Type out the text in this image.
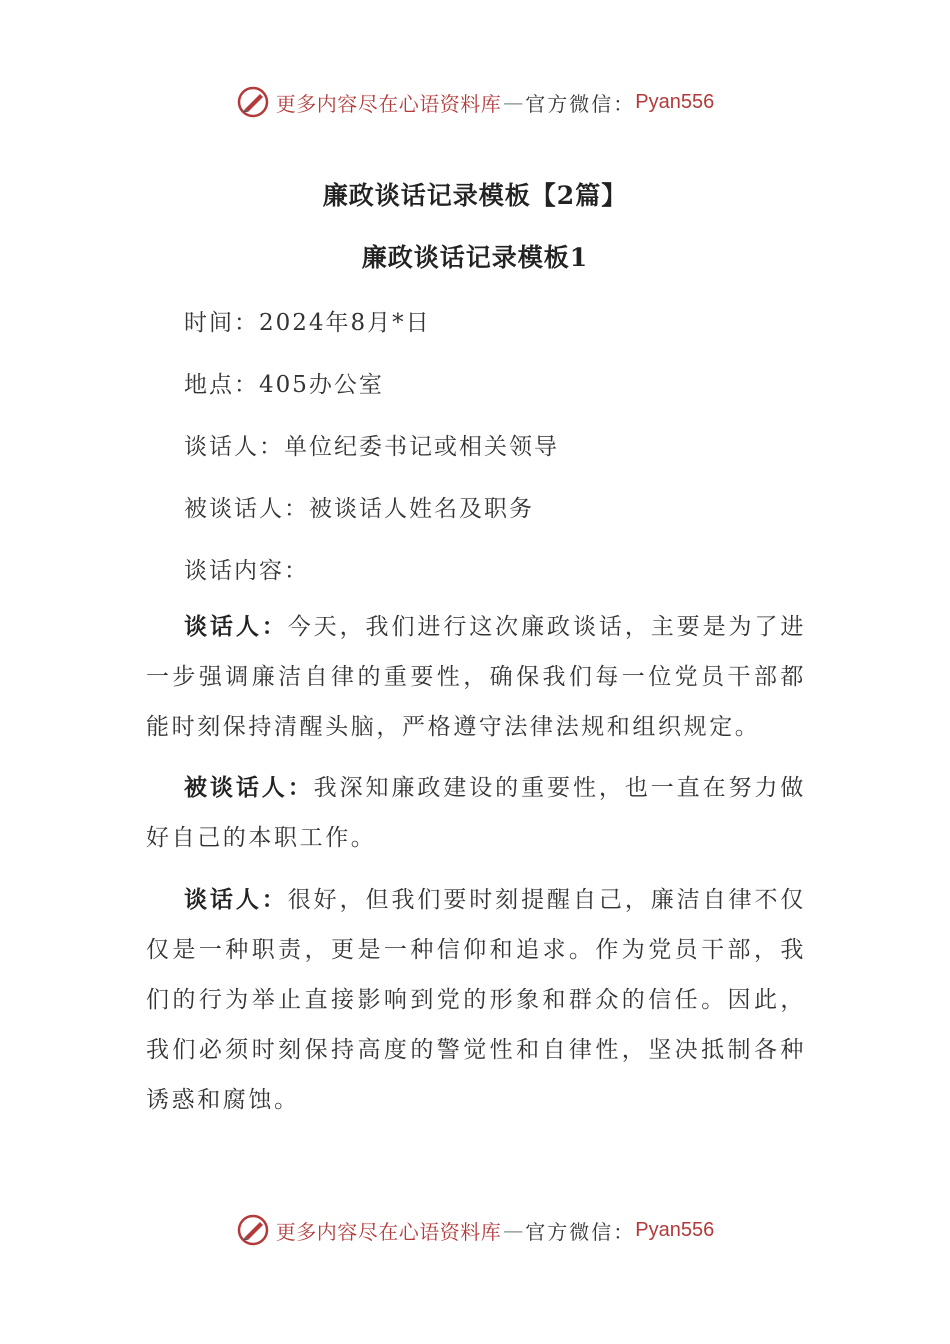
更多内容尽在心语资料库 — 官方微信： Pyan556
廉政谈话记录模板【2篇】
廉政谈话记录模板1
时间：2024年8月*日
地点：405办公室
谈话人：单位纪委书记或相关领导
被谈话人：被谈话人姓名及职务
谈话内容：
谈话人：今天，我们进行这次廉政谈话，主要是为了进一步强调廉洁自律的重要性，确保我们每一位党员干部都能时刻保持清醒头脑，严格遵守法律法规和组织规定。
被谈话人：我深知廉政建设的重要性，也一直在努力做好自己的本职工作。
谈话人：很好，但我们要时刻提醒自己，廉洁自律不仅仅是一种职责，更是一种信仰和追求。作为党员干部，我们的行为举止直接影响到党的形象和群众的信任。因此，我们必须时刻保持高度的警觉性和自律性，坚决抵制各种诱惑和腐蚀。
更多内容尽在心语资料库 — 官方微信： Pyan556
